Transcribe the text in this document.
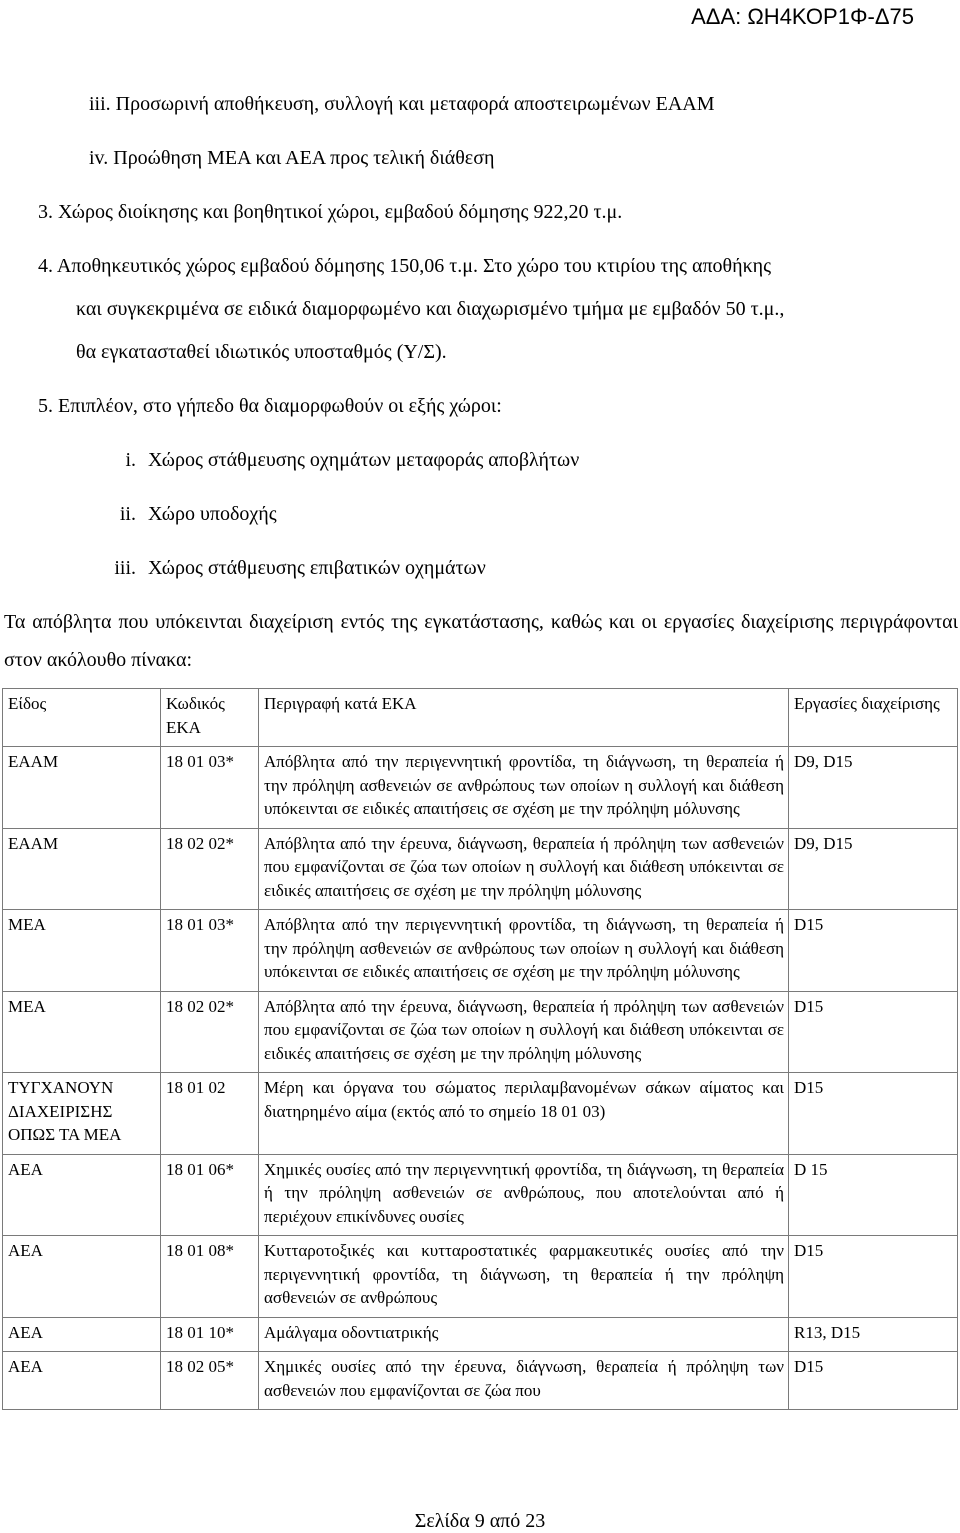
ΑΔΑ: ΩΗ4ΚΟΡ1Φ-Δ75
iii. Προσωρινή αποθήκευση, συλλογή και μεταφορά αποστειρωμένων ΕΑΑΜ
iv. Προώθηση ΜΕΑ και ΑΕΑ προς τελική διάθεση
3. Χώρος διοίκησης και βοηθητικοί χώροι, εμβαδού δόμησης 922,20 τ.μ.
4. Αποθηκευτικός χώρος εμβαδού δόμησης 150,06 τ.μ. Στο χώρο του κτιρίου της αποθήκης
και συγκεκριμένα σε ειδικά διαμορφωμένο και διαχωρισμένο τμήμα με εμβαδόν 50 τ.μ.,
θα εγκατασταθεί ιδιωτικός υποσταθμός (Υ/Σ).
5. Επιπλέον, στο γήπεδο θα διαμορφωθούν οι εξής χώροι:
i. Χώρος στάθμευσης οχημάτων μεταφοράς αποβλήτων
ii. Χώρο υποδοχής
iii. Χώρος στάθμευσης επιβατικών οχημάτων
Τα απόβλητα που υπόκεινται διαχείριση εντός της εγκατάστασης, καθώς και οι εργασίες διαχείρισης περιγράφονται στον ακόλουθο πίνακα:
Είδος	Κωδικός ΕΚΑ	Περιγραφή κατά ΕΚΑ	Εργασίες διαχείρισης
ΕΑΑΜ	18 01 03*	Απόβλητα από την περιγεννητική φροντίδα, τη διάγνωση, τη θεραπεία ή την πρόληψη ασθενειών σε ανθρώπους των οποίων η συλλογή και διάθεση υπόκεινται σε ειδικές απαιτήσεις σε σχέση με την πρόληψη μόλυνσης	D9, D15
ΕΑΑΜ	18 02 02*	Απόβλητα από την έρευνα, διάγνωση, θεραπεία ή πρόληψη των ασθενειών που εμφανίζονται σε ζώα των οποίων η συλλογή και διάθεση υπόκεινται σε ειδικές απαιτήσεις σε σχέση με την πρόληψη μόλυνσης	D9, D15
ΜΕΑ	18 01 03*	Απόβλητα από την περιγεννητική φροντίδα, τη διάγνωση, τη θεραπεία ή την πρόληψη ασθενειών σε ανθρώπους των οποίων η συλλογή και διάθεση υπόκεινται σε ειδικές απαιτήσεις σε σχέση με την πρόληψη μόλυνσης	D15
ΜΕΑ	18 02 02*	Απόβλητα από την έρευνα, διάγνωση, θεραπεία ή πρόληψη των ασθενειών που εμφανίζονται σε ζώα των οποίων η συλλογή και διάθεση υπόκεινται σε ειδικές απαιτήσεις σε σχέση με την πρόληψη μόλυνσης	D15
ΤΥΓΧΑΝΟΥΝ ΔΙΑΧΕΙΡΙΣΗΣ ΟΠΩΣ ΤΑ ΜΕΑ	18 01 02	Μέρη και όργανα του σώματος περιλαμβανομένων σάκων αίματος και διατηρημένο αίμα (εκτός από το σημείο 18 01 03)	D15
ΑΕΑ	18 01 06*	Χημικές ουσίες από την περιγεννητική φροντίδα, τη διάγνωση, τη θεραπεία ή την πρόληψη ασθενειών σε ανθρώπους, που αποτελούνται από ή περιέχουν επικίνδυνες ουσίες	D 15
ΑΕΑ	18 01 08*	Κυτταροτοξικές και κυτταροστατικές φαρμακευτικές ουσίες από την περιγεννητική φροντίδα, τη διάγνωση, τη θεραπεία ή την πρόληψη ασθενειών σε ανθρώπους	D15
ΑΕΑ	18 01 10*	Αμάλγαμα οδοντιατρικής	R13, D15
ΑΕΑ	18 02 05*	Χημικές ουσίες από την έρευνα, διάγνωση, θεραπεία ή πρόληψη των ασθενειών που εμφανίζονται σε ζώα που	D15
Σελίδα 9 από 23
